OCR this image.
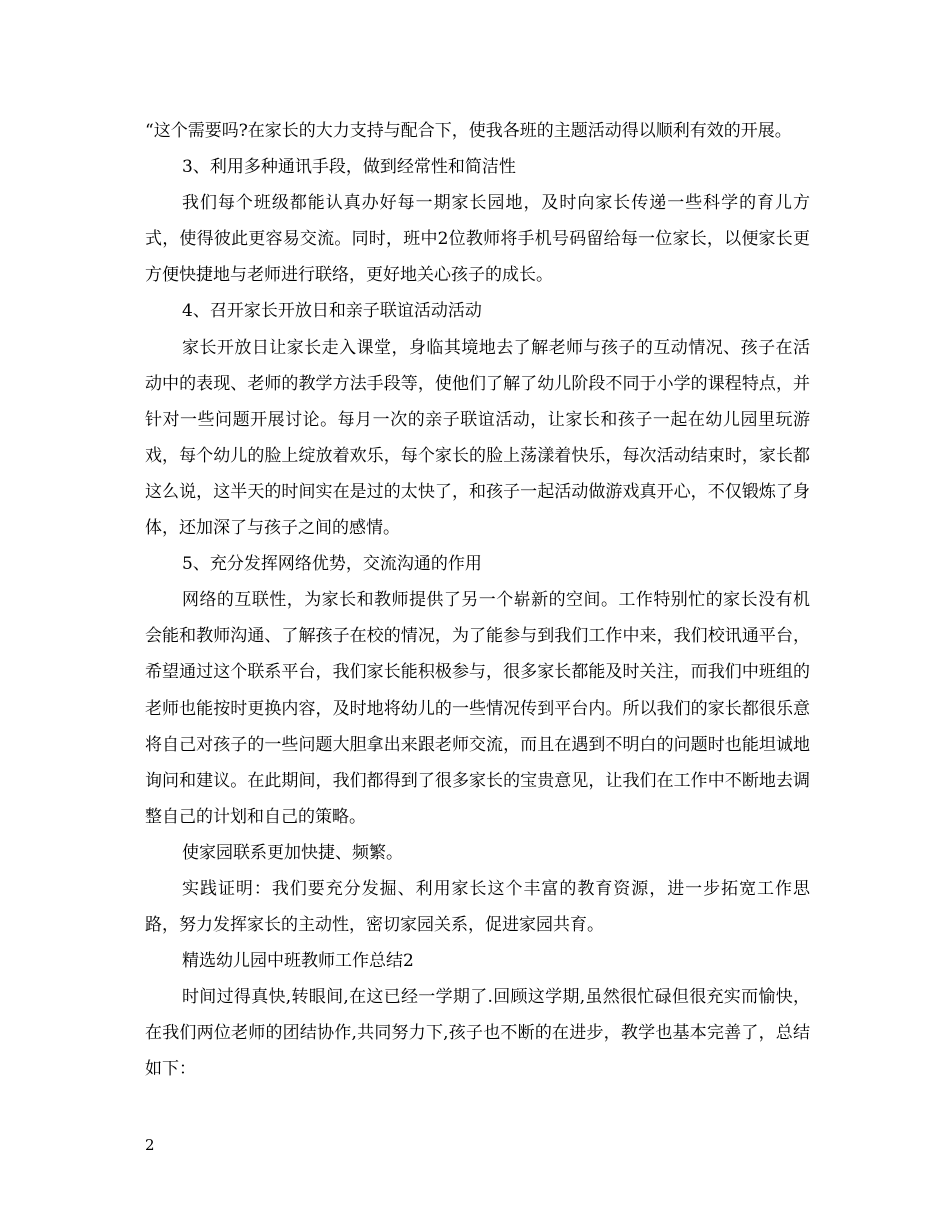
“这个需要吗?在家长的大力支持与配合下，使我各班的主题活动得以顺利有效的开展。

3、利用多种通讯手段，做到经常性和简洁性

我们每个班级都能认真办好每一期家长园地，及时向家长传递一些科学的育儿方式，使得彼此更容易交流。同时，班中2位教师将手机号码留给每一位家长，以便家长更方便快捷地与老师进行联络，更好地关心孩子的成长。

4、召开家长开放日和亲子联谊活动活动

家长开放日让家长走入课堂，身临其境地去了解老师与孩子的互动情况、孩子在活动中的表现、老师的教学方法手段等，使他们了解了幼儿阶段不同于小学的课程特点，并针对一些问题开展讨论。每月一次的亲子联谊活动，让家长和孩子一起在幼儿园里玩游戏，每个幼儿的脸上绽放着欢乐，每个家长的脸上荡漾着快乐，每次活动结束时，家长都这么说，这半天的时间实在是过的太快了，和孩子一起活动做游戏真开心，不仅锻炼了身体，还加深了与孩子之间的感情。

5、充分发挥网络优势，交流沟通的作用

网络的互联性，为家长和教师提供了另一个崭新的空间。工作特别忙的家长没有机会能和教师沟通、了解孩子在校的情况，为了能参与到我们工作中来，我们校讯通平台，希望通过这个联系平台，我们家长能积极参与，很多家长都能及时关注，而我们中班组的老师也能按时更换内容，及时地将幼儿的一些情况传到平台内。所以我们的家长都很乐意将自己对孩子的一些问题大胆拿出来跟老师交流，而且在遇到不明白的问题时也能坦诚地询问和建议。在此期间，我们都得到了很多家长的宝贵意见，让我们在工作中不断地去调整自己的计划和自己的策略。

使家园联系更加快捷、频繁。

实践证明：我们要充分发掘、利用家长这个丰富的教育资源，进一步拓宽工作思路，努力发挥家长的主动性，密切家园关系，促进家园共育。

精选幼儿园中班教师工作总结2

时间过得真快,转眼间,在这已经一学期了.回顾这学期,虽然很忙碌但很充实而愉快，在我们两位老师的团结协作,共同努力下,孩子也不断的在进步，教学也基本完善了，总结如下：

2
